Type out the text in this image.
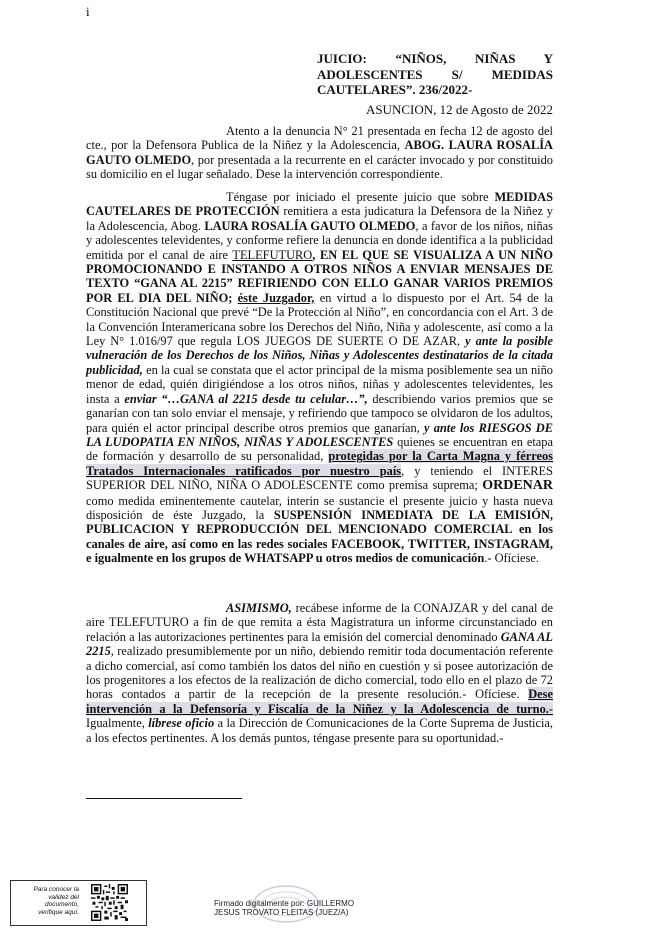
i
JUICIO: “NIÑOS, NIÑAS Y
ADOLESCENTES S/ MEDIDAS
CAUTELARES”. 236/2022-
ASUNCION, 12 de Agosto de 2022

Atento a la denuncia N° 21 presentada en fecha 12 de agosto del cte., por la Defensora Publica de la Niñez y la Adolescencia, ABOG. LAURA ROSALÍA GAUTO OLMEDO, por presentada a la recurrente en el carácter invocado y por constituido su domicilio en el lugar señalado. Dese la intervención correspondiente.

Téngase por iniciado el presente juicio que sobre MEDIDAS CAUTELARES DE PROTECCIÓN remitiera a esta judicatura la Defensora de la Niñez y la Adolescencia, Abog. LAURA ROSALÍA GAUTO OLMEDO, a favor de los niños, niñas y adolescentes televidentes, y conforme refiere la denuncia en donde identifica a la publicidad emitida por el canal de aire TELEFUTURO, EN EL QUE SE VISUALIZA A UN NIÑO PROMOCIONANDO E INSTANDO A OTROS NIÑOS A ENVIAR MENSAJES DE TEXTO “GANA AL 2215” REFIRIENDO CON ELLO GANAR VARIOS PREMIOS POR EL DIA DEL NIÑO; éste Juzgador, en virtud a lo dispuesto por el Art. 54 de la Constitución Nacional que prevé “De la Protección al Niño”, en concordancia con el Art. 3 de la Convención Interamericana sobre los Derechos del Niño, Niña y adolescente, así como a la Ley N° 1.016/97 que regula LOS JUEGOS DE SUERTE O DE AZAR, y ante la posible vulneración de los Derechos de los Niños, Niñas y Adolescentes destinatarios de la citada publicidad, en la cual se constata que el actor principal de la misma posiblemente sea un niño menor de edad, quién dirigiéndose a los otros niños, niñas y adolescentes televidentes, les insta a enviar “…GANA al 2215 desde tu celular…”, describiendo varios premios que se ganarían con tan solo enviar el mensaje, y refiriendo que tampoco se olvidaron de los adultos, para quién el actor principal describe otros premios que ganarían, y ante los RIESGOS DE LA LUDOPATIA EN NIÑOS, NIÑAS Y ADOLESCENTES quienes se encuentran en etapa de formación y desarrollo de su personalidad, protegidas por la Carta Magna y férreos Tratados Internacionales ratificados por nuestro país, y teniendo el INTERES SUPERIOR DEL NIÑO, NIÑA O ADOLESCENTE como premisa suprema; ORDENAR como medida eminentemente cautelar, interin se sustancie el presente juicio y hasta nueva disposición de éste Juzgado, la SUSPENSIÓN INMEDIATA DE LA EMISIÓN, PUBLICACION Y REPRODUCCIÓN DEL MENCIONADO COMERCIAL en los canales de aire, así como en las redes sociales FACEBOOK, TWITTER, INSTAGRAM, e igualmente en los grupos de WHATSAPP u otros medios de comunicación.- Ofíciese.

ASIMISMO, recábese informe de la CONAJZAR y del canal de aire TELEFUTURO a fin de que remita a ésta Magistratura un informe circunstanciado en relación a las autorizaciones pertinentes para la emisión del comercial denominado GANA AL 2215, realizado presumiblemente por un niño, debiendo remitir toda documentación referente a dicho comercial, así como también los datos del niño en cuestión y si posee autorización de los progenitores a los efectos de la realización de dicho comercial, todo ello en el plazo de 72 horas contados a partir de la recepción de la presente resolución.- Ofíciese. Dese intervención a la Defensoría y Fiscalía de la Niñez y la Adolescencia de turno.- Igualmente, líbrese oficio a la Dirección de Comunicaciones de la Corte Suprema de Justicia, a los efectos pertinentes. A los demás puntos, téngase presente para su oportunidad.-

Para conocer la
validez del
documento,
verifique aquí.
Firmado digitalmente por: GUILLERMO
JESUS TROVATO FLEITAS (JUEZ/A)
